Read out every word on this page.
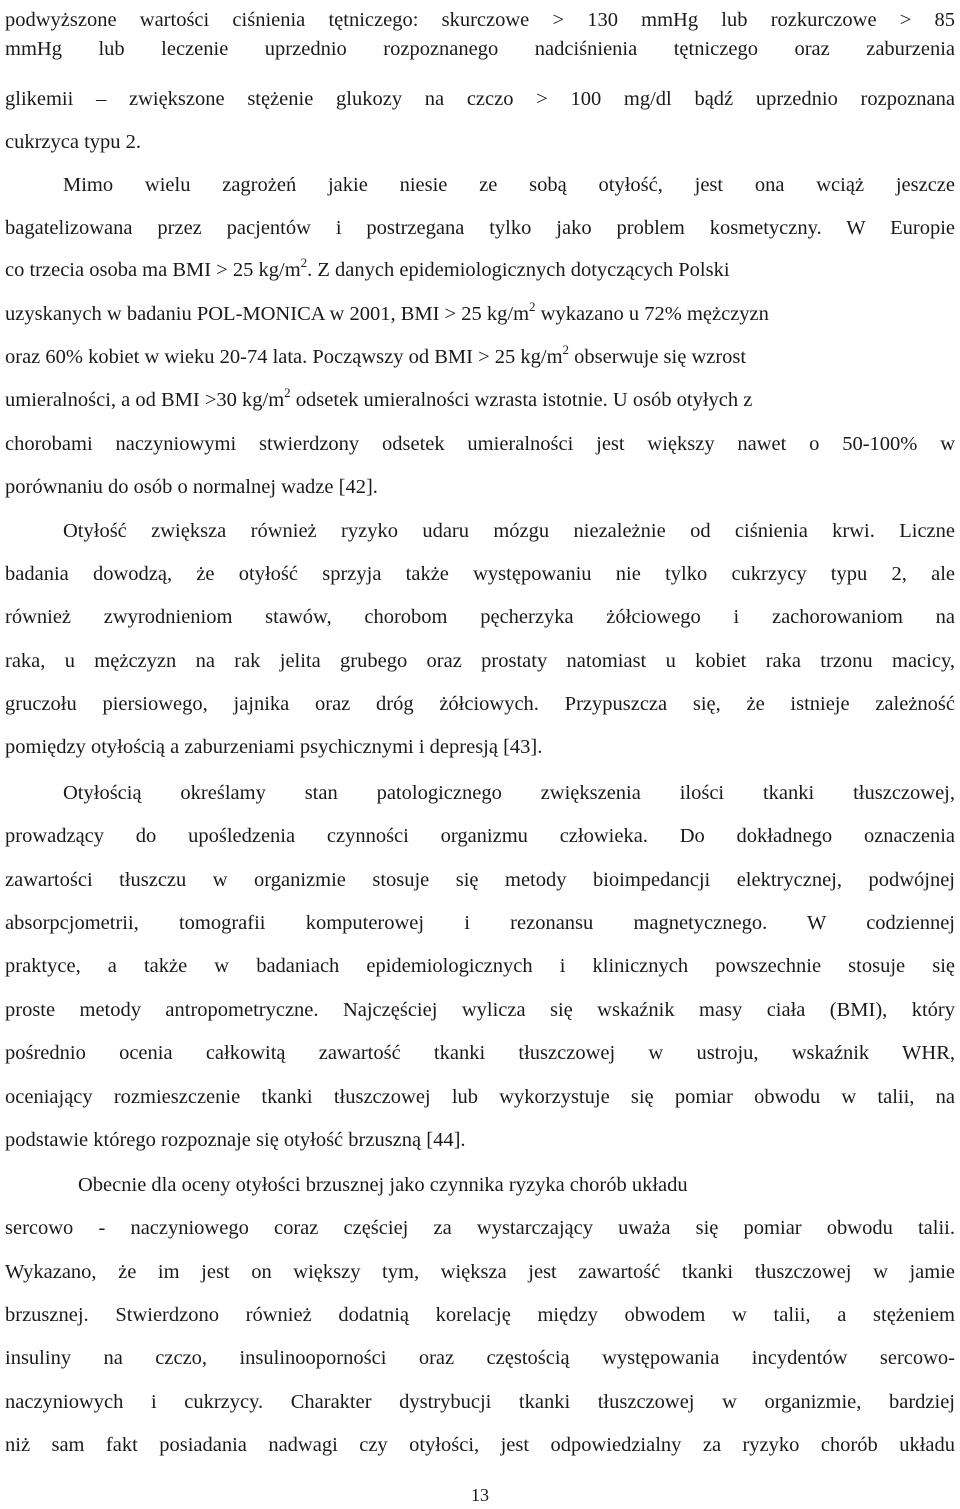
podwyższone wartości ciśnienia tętniczego: skurczowe > 130 mmHg lub rozkurczowe > 85
mmHg lub leczenie uprzednio rozpoznanego nadciśnienia tętniczego oraz zaburzenia
glikemii – zwiększone stężenie glukozy na czczo > 100 mg/dl bądź uprzednio rozpoznana
cukrzyca typu 2.
Mimo wielu zagrożeń jakie niesie ze sobą otyłość, jest ona wciąż jeszcze
bagatelizowana przez pacjentów i postrzegana tylko jako problem kosmetyczny. W Europie
co trzecia osoba ma BMI > 25 $kg/m^2$. Z danych epidemiologicznych dotyczących Polski
uzyskanych w badaniu POL-MONICA w 2001, BMI > 25 $kg/m^2$ wykazano u 72% mężczyzn
oraz 60% kobiet w wieku 20-74 lata. Począwszy od BMI > 25 $kg/m^2$ obserwuje się wzrost
umieralności, a od BMI >30 $kg/m^2$ odsetek umieralności wzrasta istotnie. U osób otyłych z
chorobami naczyniowymi stwierdzony odsetek umieralności jest większy nawet o 50-100% w
porównaniu do osób o normalnej wadze [42].
Otyłość zwiększa również ryzyko udaru mózgu niezależnie od ciśnienia krwi. Liczne
badania dowodzą, że otyłość sprzyja także występowaniu nie tylko cukrzycy typu 2, ale
również zwyrodnieniom stawów, chorobom pęcherzyka żółciowego i zachorowaniom na
raka, u mężczyzn na rak jelita grubego oraz prostaty natomiast u kobiet raka trzonu macicy,
gruczołu piersiowego, jajnika oraz dróg żółciowych. Przypuszcza się, że istnieje zależność
pomiędzy otyłością a zaburzeniami psychicznymi i depresją [43].
Otyłością określamy stan patologicznego zwiększenia ilości tkanki tłuszczowej,
prowadzący do upośledzenia czynności organizmu człowieka. Do dokładnego oznaczenia
zawartości tłuszczu w organizmie stosuje się metody bioimpedancji elektrycznej, podwójnej
absorpcjometrii, tomografii komputerowej i rezonansu magnetycznego. W codziennej
praktyce, a także w badaniach epidemiologicznych i klinicznych powszechnie stosuje się
proste metody antropometryczne. Najczęściej wylicza się wskaźnik masy ciała (BMI), który
pośrednio ocenia całkowitą zawartość tkanki tłuszczowej w ustroju, wskaźnik WHR,
oceniający rozmieszczenie tkanki tłuszczowej lub wykorzystuje się pomiar obwodu w talii, na
podstawie którego rozpoznaje się otyłość brzuszną [44].
Obecnie dla oceny otyłości brzusznej jako czynnika ryzyka chorób układu
sercowo - naczyniowego coraz częściej za wystarczający uważa się pomiar obwodu talii.
Wykazano, że im jest on większy tym, większa jest zawartość tkanki tłuszczowej w jamie
brzusznej. Stwierdzono również dodatnią korelację między obwodem w talii, a stężeniem
insuliny na czczo, insulinooporności oraz częstością występowania incydentów sercowo-
naczyniowych i cukrzycy. Charakter dystrybucji tkanki tłuszczowej w organizmie, bardziej
niż sam fakt posiadania nadwagi czy otyłości, jest odpowiedzialny za ryzyko chorób układu
13
